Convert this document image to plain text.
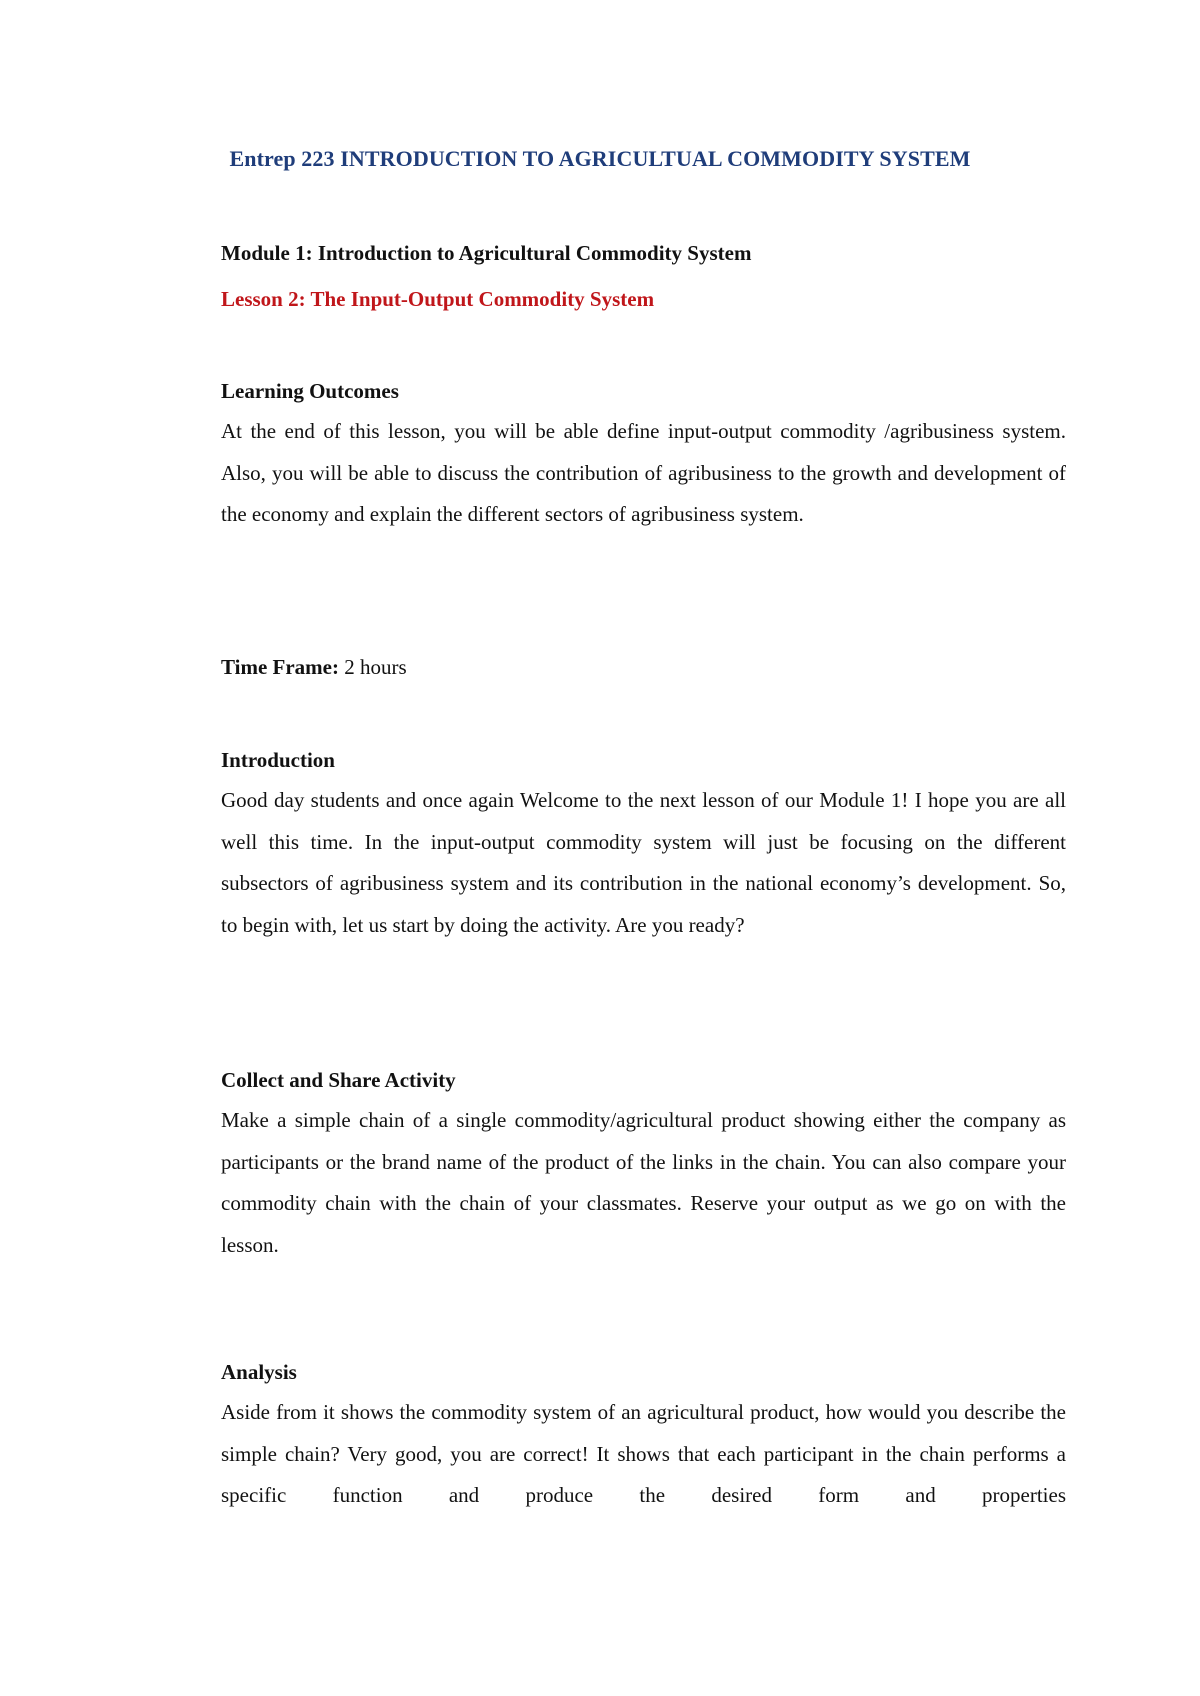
Entrep 223 INTRODUCTION TO AGRICULTUAL COMMODITY SYSTEM
Module 1: Introduction to Agricultural Commodity System
Lesson 2: The Input-Output Commodity System
Learning Outcomes
At the end of this lesson, you will be able define input-output commodity /agribusiness system. Also, you will be able to discuss the contribution of agribusiness to the growth and development of the economy and explain the different sectors of agribusiness system.
Time Frame: 2 hours
Introduction
Good day students and once again Welcome to the next lesson of our Module 1! I hope you are all well this time. In the input-output commodity system will just be focusing on the different subsectors of agribusiness system and its contribution in the national economy’s development. So, to begin with, let us start by doing the activity. Are you ready?
Collect and Share Activity
Make a simple chain of a single commodity/agricultural product showing either the company as participants or the brand name of the product of the links in the chain. You can also compare your commodity chain with the chain of your classmates. Reserve your output as we go on with the lesson.
Analysis
Aside from it shows the commodity system of an agricultural product, how would you describe the simple chain? Very good, you are correct! It shows that each participant in the chain performs a specific function and produce the desired form and properties
